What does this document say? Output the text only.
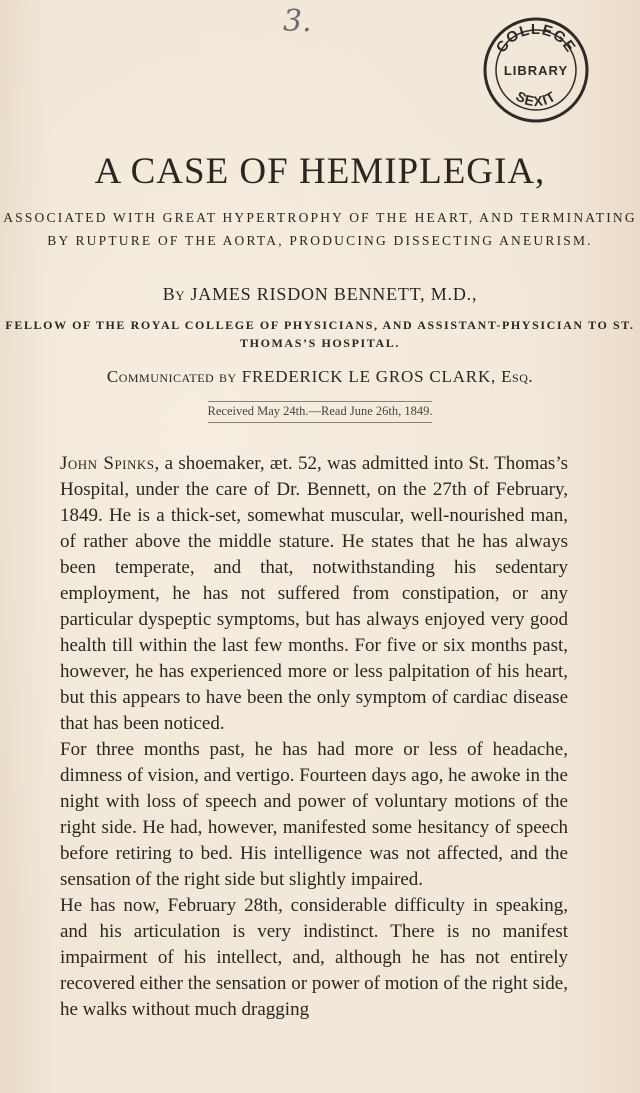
3.
COLLEGE
LIBRARY
SEXIT
A CASE OF HEMIPLEGIA,

ASSOCIATED WITH GREAT HYPERTROPHY OF THE HEART, AND TERMINATING BY RUPTURE OF THE AORTA, PRODUCING DISSECTING ANEURISM.

By JAMES RISDON BENNETT, M.D.,

FELLOW OF THE ROYAL COLLEGE OF PHYSICIANS, AND ASSISTANT-PHYSICIAN TO ST. THOMAS’S HOSPITAL.

Communicated by FREDERICK LE GROS CLARK, Esq.

Received May 24th.—Read June 26th, 1849.

John Spinks, a shoemaker, æt. 52, was admitted into St. Thomas’s Hospital, under the care of Dr. Bennett, on the 27th of February, 1849. He is a thick-set, somewhat muscular, well-nourished man, of rather above the middle stature. He states that he has always been temperate, and that, notwithstanding his sedentary employment, he has not suffered from constipation, or any particular dyspeptic symptoms, but has always enjoyed very good health till within the last few months. For five or six months past, however, he has experienced more or less palpitation of his heart, but this appears to have been the only symptom of cardiac disease that has been noticed.

For three months past, he has had more or less of headache, dimness of vision, and vertigo. Fourteen days ago, he awoke in the night with loss of speech and power of voluntary motions of the right side. He had, however, manifested some hesitancy of speech before retiring to bed. His intelligence was not affected, and the sensation of the right side but slightly impaired.

He has now, February 28th, considerable difficulty in speaking, and his articulation is very indistinct. There is no manifest impairment of his intellect, and, although he has not entirely recovered either the sensation or power of motion of the right side, he walks without much dragging
